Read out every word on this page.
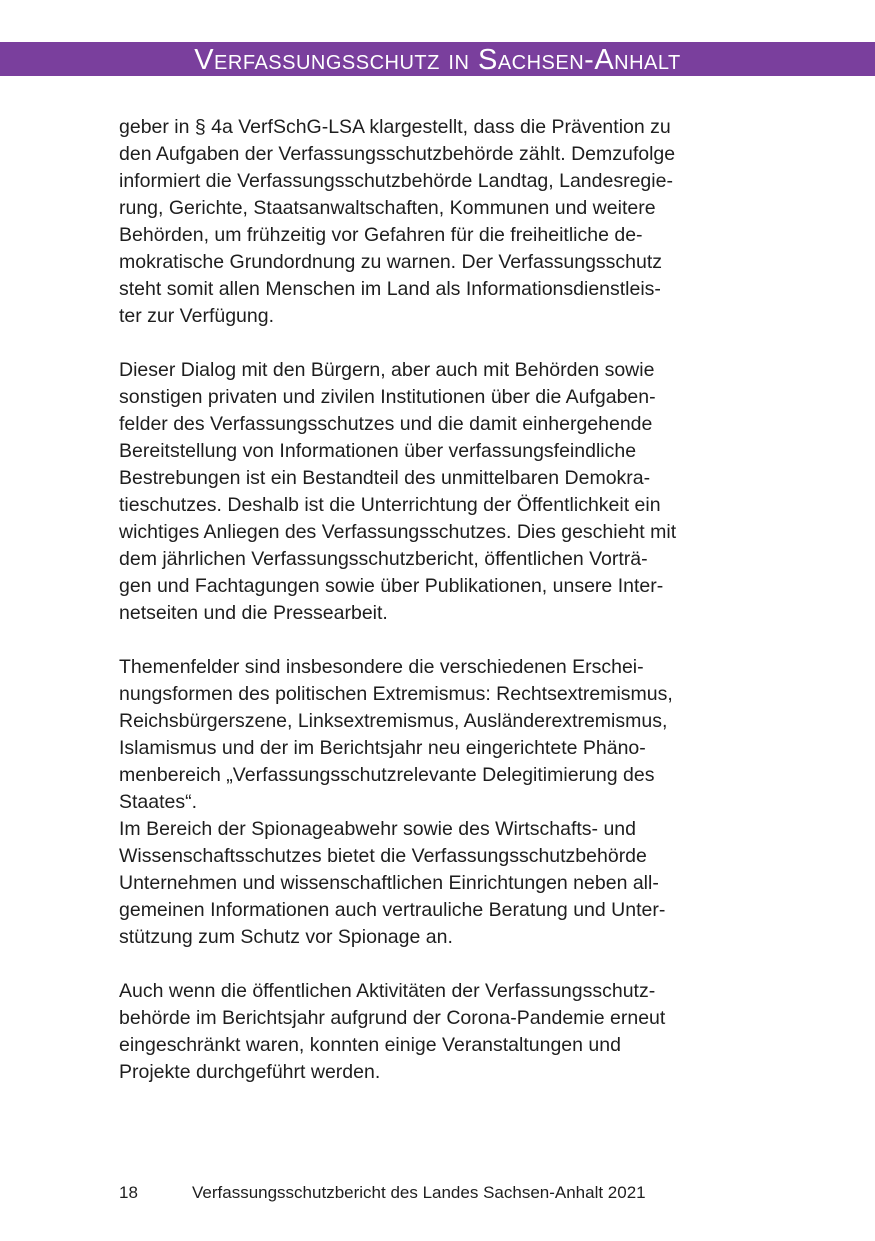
Verfassungsschutz in Sachsen-Anhalt
geber in § 4a VerfSchG-LSA klargestellt, dass die Prävention zu
den Aufgaben der Verfassungsschutzbehörde zählt. Demzufolge
informiert die Verfassungsschutzbehörde Landtag, Landesregie-
rung, Gerichte, Staatsanwaltschaften, Kommunen und weitere
Behörden, um frühzeitig vor Gefahren für die freiheitliche de-
mokratische Grundordnung zu warnen. Der Verfassungsschutz
steht somit allen Menschen im Land als Informationsdienstleis-
ter zur Verfügung.
Dieser Dialog mit den Bürgern, aber auch mit Behörden sowie
sonstigen privaten und zivilen Institutionen über die Aufgaben-
felder des Verfassungsschutzes und die damit einhergehende
Bereitstellung von Informationen über verfassungsfeindliche
Bestrebungen ist ein Bestandteil des unmittelbaren Demokra-
tieschutzes. Deshalb ist die Unterrichtung der Öffentlichkeit ein
wichtiges Anliegen des Verfassungsschutzes. Dies geschieht mit
dem jährlichen Verfassungsschutzbericht, öffentlichen Vorträ-
gen und Fachtagungen sowie über Publikationen, unsere Inter-
netseiten und die Pressearbeit.
Themenfelder sind insbesondere die verschiedenen Erschei-
nungsformen des politischen Extremismus: Rechtsextremismus,
Reichsbürgerszene, Linksextremismus, Ausländerextremismus,
Islamismus und der im Berichtsjahr neu eingerichtete Phäno-
menbereich „Verfassungsschutzrelevante Delegitimierung des
Staates“.
Im Bereich der Spionageabwehr sowie des Wirtschafts- und
Wissenschaftsschutzes bietet die Verfassungsschutzbehörde
Unternehmen und wissenschaftlichen Einrichtungen neben all-
gemeinen Informationen auch vertrauliche Beratung und Unter-
stützung zum Schutz vor Spionage an.
Auch wenn die öffentlichen Aktivitäten der Verfassungsschutz-
behörde im Berichtsjahr aufgrund der Corona-Pandemie erneut
eingeschränkt waren, konnten einige Veranstaltungen und
Projekte durchgeführt werden.
18	Verfassungsschutzbericht des Landes Sachsen-Anhalt 2021
